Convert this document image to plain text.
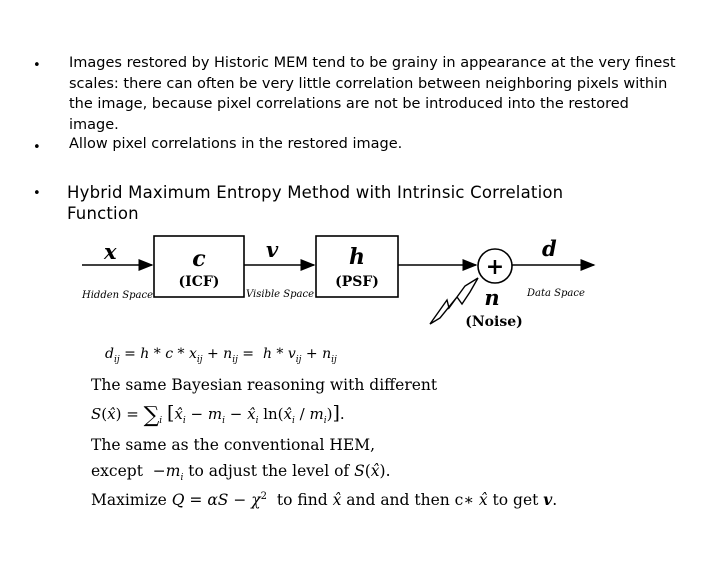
• Images restored by Historic MEM tend to be grainy in appearance at the very finest scales: there can often be very little correlation between neighboring pixels within the image, because pixel correlations are not be introduced into the restored image.
• Allow pixel correlations in the restored image.
• Hybrid Maximum Entropy Method with Intrinsic Correlation Function
x
Hidden Space
c
(ICF)
v
Visible Space
h
(PSF)
+
d
Data Space
n
(Noise)
$d_{ij} = h * c * x_{ij} + n_{ij} = h * v_{ij} + n_{ij}$
The same Bayesian reasoning with different
S(x̂) = $\sum_i$ [$x̂_i - m_i$ − $x̂_i$ $\ln(x̂_i / m_i)$].
The same as the conventional HEM,
except  $-m_i$ to adjust the level of S(x̂).
Maximize $Q = \alpha S - \chi^2$ to find x̂ and and then c∗ x̂ to get v.
